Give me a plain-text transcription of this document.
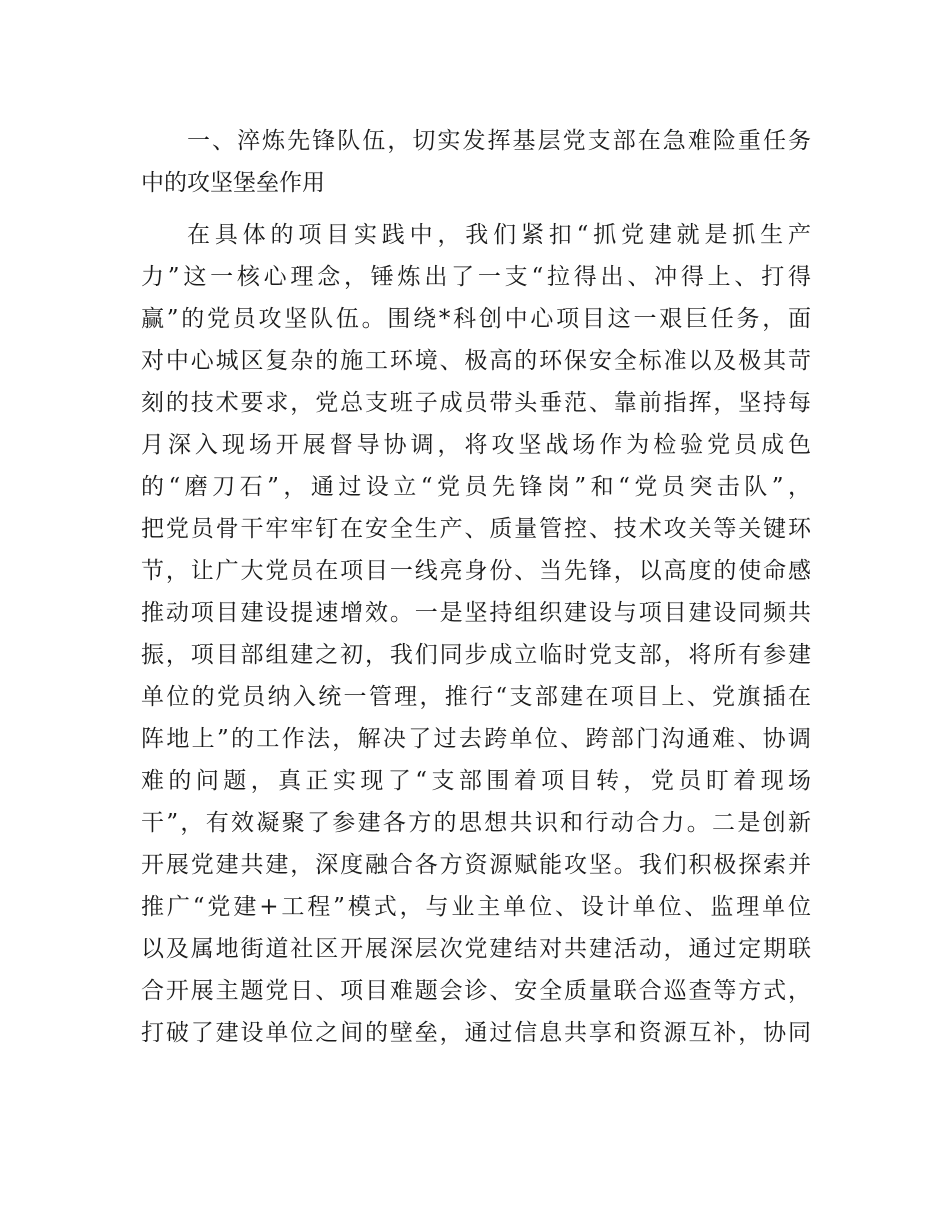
一、淬炼先锋队伍，切实发挥基层党支部在急难险重任务
中的攻坚堡垒作用
在具体的项目实践中，我们紧扣“抓党建就是抓生产
力”这一核心理念，锤炼出了一支“拉得出、冲得上、打得
赢”的党员攻坚队伍。围绕*科创中心项目这一艰巨任务，面
对中心城区复杂的施工环境、极高的环保安全标准以及极其苛
刻的技术要求，党总支班子成员带头垂范、靠前指挥，坚持每
月深入现场开展督导协调，将攻坚战场作为检验党员成色
的“磨刀石”，通过设立“党员先锋岗”和“党员突击队”，
把党员骨干牢牢钉在安全生产、质量管控、技术攻关等关键环
节，让广大党员在项目一线亮身份、当先锋，以高度的使命感
推动项目建设提速增效。一是坚持组织建设与项目建设同频共
振，项目部组建之初，我们同步成立临时党支部，将所有参建
单位的党员纳入统一管理，推行“支部建在项目上、党旗插在
阵地上”的工作法，解决了过去跨单位、跨部门沟通难、协调
难的问题，真正实现了“支部围着项目转，党员盯着现场
干”，有效凝聚了参建各方的思想共识和行动合力。二是创新
开展党建共建，深度融合各方资源赋能攻坚。我们积极探索并
推广“党建+工程”模式，与业主单位、设计单位、监理单位
以及属地街道社区开展深层次党建结对共建活动，通过定期联
合开展主题党日、项目难题会诊、安全质量联合巡查等方式，
打破了建设单位之间的壁垒，通过信息共享和资源互补，协同
